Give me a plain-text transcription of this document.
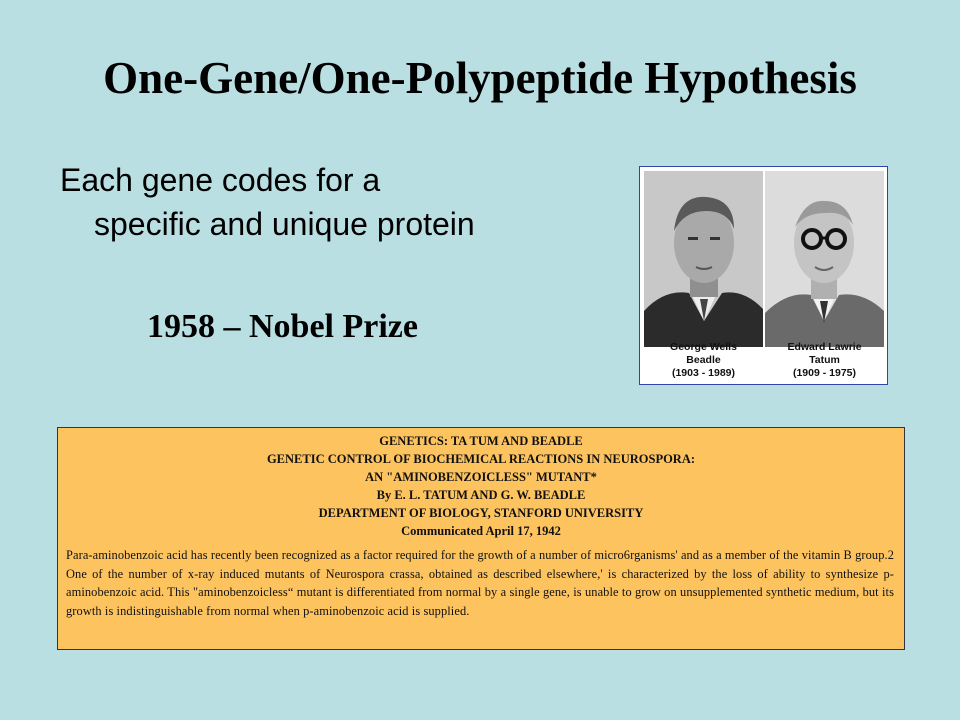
One-Gene/One-Polypeptide Hypothesis
Each gene codes for a
specific and unique protein
1958 – Nobel Prize
George Wells
Beadle
(1903 - 1989)
Edward Lawrie
Tatum
(1909 - 1975)
GENETICS: TA TUM AND BEADLE
GENETIC CONTROL OF BIOCHEMICAL REACTIONS IN NEUROSPORA:
AN "AMINOBENZOICLESS" MUTANT*
By E. L. TATUM AND G. W. BEADLE
DEPARTMENT OF BIOLOGY, STANFORD UNIVERSITY
Communicated April 17, 1942
Para-aminobenzoic acid has recently been recognized as a factor required for the growth of a number of micro6rganisms' and as a member of the vitamin B group.2 One of the number of x-ray induced mutants of Neurospora crassa, obtained as described elsewhere,' is characterized by the loss of ability to synthesize p-aminobenzoic acid. This "aminobenzoicless“ mutant is differentiated from normal by a single gene, is unable to grow on unsupplemented synthetic medium, but its growth is indistinguishable from normal when p-aminobenzoic acid is supplied.
